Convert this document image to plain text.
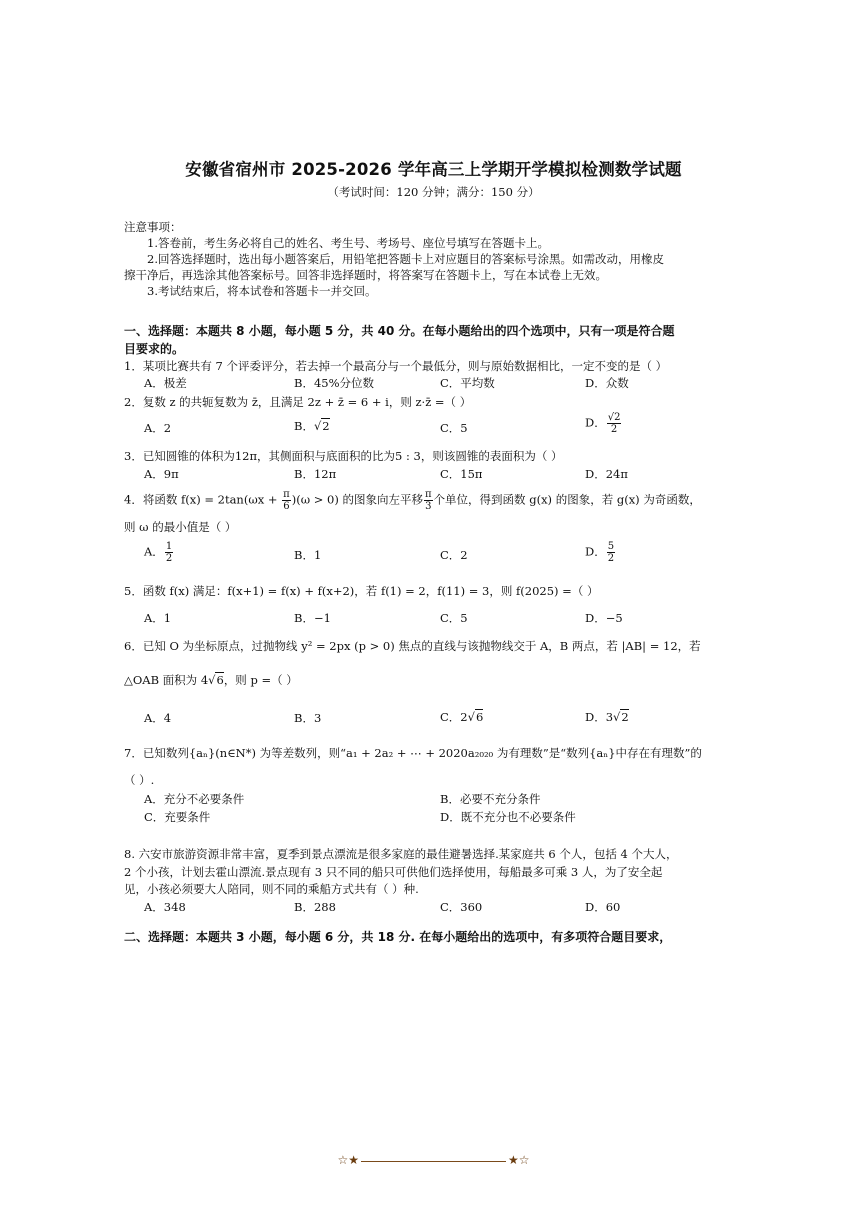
安徽省宿州市 2025-2026 学年高三上学期开学模拟检测数学试题
（考试时间：120 分钟；满分：150 分）
注意事项：
1.答卷前，考生务必将自己的姓名、考生号、考场号、座位号填写在答题卡上。
2.回答选择题时，选出每小题答案后，用铅笔把答题卡上对应题目的答案标号涂黑。如需改动，用橡皮
擦干净后，再选涂其他答案标号。回答非选择题时，将答案写在答题卡上，写在本试卷上无效。
3.考试结束后，将本试卷和答题卡一并交回。
一、选择题：本题共 8 小题，每小题 5 分，共 40 分。在每小题给出的四个选项中，只有一项是符合题
目要求的。
1．某项比赛共有 7 个评委评分，若去掉一个最高分与一个最低分，则与原始数据相比，一定不变的是（ ）
A．极差	B．45%分位数	C．平均数	D．众数
2．复数 z 的共轭复数为 z̄，且满足 2z + z̄ = 6 + i，则 z·z̄ =（ ）
A．2	B．√2	C．5	D． $\frac{√2}{2}$
3．已知圆锥的体积为12π，其侧面积与底面积的比为5 : 3，则该圆锥的表面积为（ ）
A．9π	B．12π	C．15π	D．24π
4．将函数 $f(x) = 2\tan(\omega x + \frac{\pi}{6} )(\omega > 0)$ 的图象向左平移 $\frac{\pi}{3}$ 个单位，得到函数 g(x) 的图象，若 g(x) 为奇函数，
则 ω 的最小值是（ ）
A． $\frac{1}{2}$	B．1	C．2	D． $\frac{5}{2}$
5．函数 f(x) 满足：f(x+1) = f(x) + f(x+2)，若 f(1) = 2，f(11) = 3，则 f(2025) =（ ）
A．1	B．−1	C．5	D．−5
6．已知 O 为坐标原点，过抛物线 y² = 2px (p > 0) 焦点的直线与该抛物线交于 A，B 两点，若 |AB| = 12，若
△OAB 面积为 4√6，则 p =（ ）
A．4	B．3	C．2√6	D．3√2
7．已知数列{aₙ}(n∈N*) 为等差数列，则“a₁ + 2a₂ + ⋯ + 2020a₂₀₂₀ 为有理数”是“数列{aₙ}中存在有理数”的
（ ）.
A．充分不必要条件	B．必要不充分条件
C．充要条件	D．既不充分也不必要条件
8. 六安市旅游资源非常丰富，夏季到景点漂流是很多家庭的最佳避暑选择.某家庭共 6 个人，包括 4 个大人，
2 个小孩，计划去霍山漂流.景点现有 3 只不同的船只可供他们选择使用，每船最多可乘 3 人，为了安全起
见，小孩必须要大人陪同，则不同的乘船方式共有（ ）种.
A．348	B．288	C．360	D．60
二、选择题：本题共 3 小题，每小题 6 分，共 18 分. 在每小题给出的选项中，有多项符合题目要求，
☆★	★☆
